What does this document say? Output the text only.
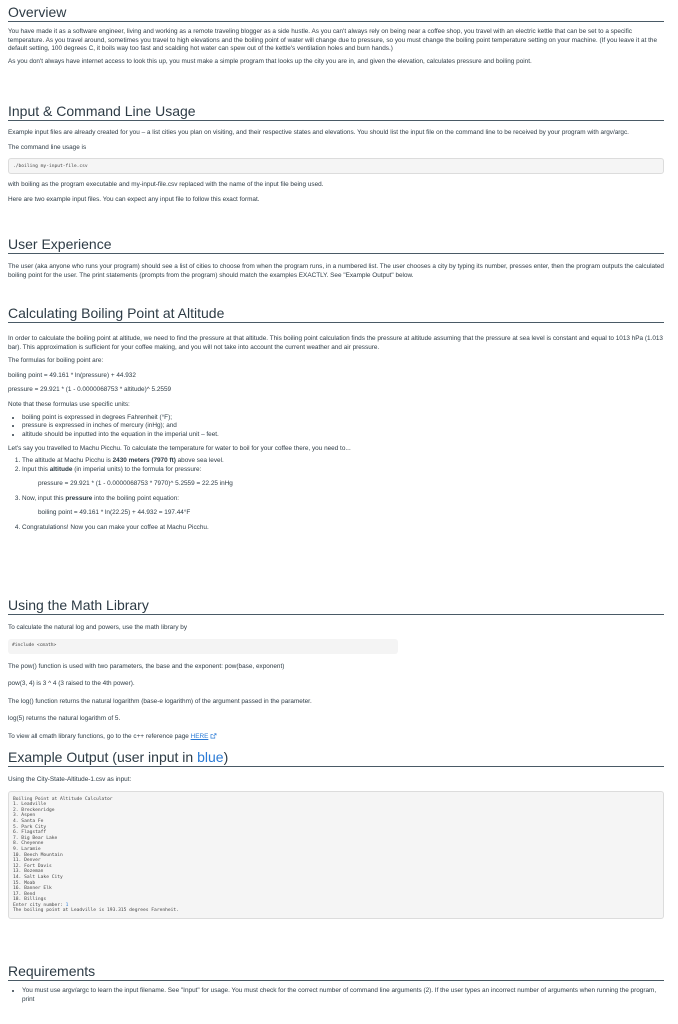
Overview

You have made it as a software engineer, living and working as a remote traveling blogger as a side hustle. As you can't always rely on being near a coffee shop, you travel with an electric kettle that can be set to a specific temperature. As you travel around, sometimes you travel to high elevations and the boiling point of water will change due to pressure, so you must change the boiling point temperature setting on your machine. (If you leave it at the default setting, 100 degrees C, it boils way too fast and scalding hot water can spew out of the kettle's ventilation holes and burn hands.)

As you don't always have internet access to look this up, you must make a simple program that looks up the city you are in, and given the elevation, calculates pressure and boiling point.

Input & Command Line Usage

Example input files are already created for you – a list cities you plan on visiting, and their respective states and elevations. You should list the input file on the command line to be received by your program with argv/argc.

The command line usage is

./boiling my-input-file.csv

with boiling as the program executable and my-input-file.csv replaced with the name of the input file being used.

Here are two example input files. You can expect any input file to follow this exact format.

User Experience

The user (aka anyone who runs your program) should see a list of cities to choose from when the program runs, in a numbered list. The user chooses a city by typing its number, presses enter, then the program outputs the calculated boiling point for the user. The print statements (prompts from the program) should match the examples EXACTLY. See "Example Output" below.

Calculating Boiling Point at Altitude

In order to calculate the boiling point at altitude, we need to find the pressure at that altitude. This boiling point calculation finds the pressure at altitude assuming that the pressure at sea level is constant and equal to 1013 hPa (1.013 bar). This approximation is sufficient for your coffee making, and you will not take into account the current weather and air pressure.

The formulas for boiling point are:

boiling point = 49.161 * ln(pressure) + 44.932

pressure = 29.921 * (1 - 0.0000068753 * altitude)^ 5.2559

Note that these formulas use specific units:

• boiling point is expressed in degrees Fahrenheit (°F);
• pressure is expressed in inches of mercury (inHg); and
• altitude should be inputted into the equation in the imperial unit – feet.

Let's say you travelled to Machu Picchu. To calculate the temperature for water to boil for your coffee there, you need to...

1. The altitude at Machu Picchu is 2430 meters (7970 ft) above sea level.
2. Input this altitude (in imperial units) to the formula for pressure:

pressure = 29.921 * (1 - 0.0000068753 * 7970)^ 5.2559 = 22.25 inHg

3. Now, input this pressure into the boiling point equation:

boiling point = 49.161 * ln(22.25) + 44.932 = 197.44°F

4. Congratulations! Now you can make your coffee at Machu Picchu.
Using the Math Library

To calculate the natural log and powers, use the math library by

#include <cmath>

The pow() function is used with two parameters, the base and the exponent: pow(base, exponent)

pow(3, 4) is 3 ^ 4 (3 raised to the 4th power).

The log() function returns the natural logarithm (base-e logarithm) of the argument passed in the parameter.

log(5) returns the natural logarithm of 5.

To view all cmath library functions, go to the c++ reference page HERE

Example Output (user input in blue)

Using the City-State-Altitude-1.csv as input:

Boiling Point at Altitude Calculator
1. Leadville
2. Breckenridge
3. Aspen
4. Santa Fe
5. Park City
6. Flagstaff
7. Big Bear Lake
8. Cheyenne
9. Laramie
10. Beech Mountain
11. Denver
12. Fort Davis
13. Bozeman
14. Salt Lake City
15. Moab
16. Banner Elk
17. Bend
18. Billings
Enter city number: 1
The boiling point at Leadville is 193.315 degrees Farenheit.
Requirements
• You must use argv/argc to learn the input filename. See "Input" for usage. You must check for the correct number of command line arguments (2). If the user types an incorrect number of arguments when running the program, print
